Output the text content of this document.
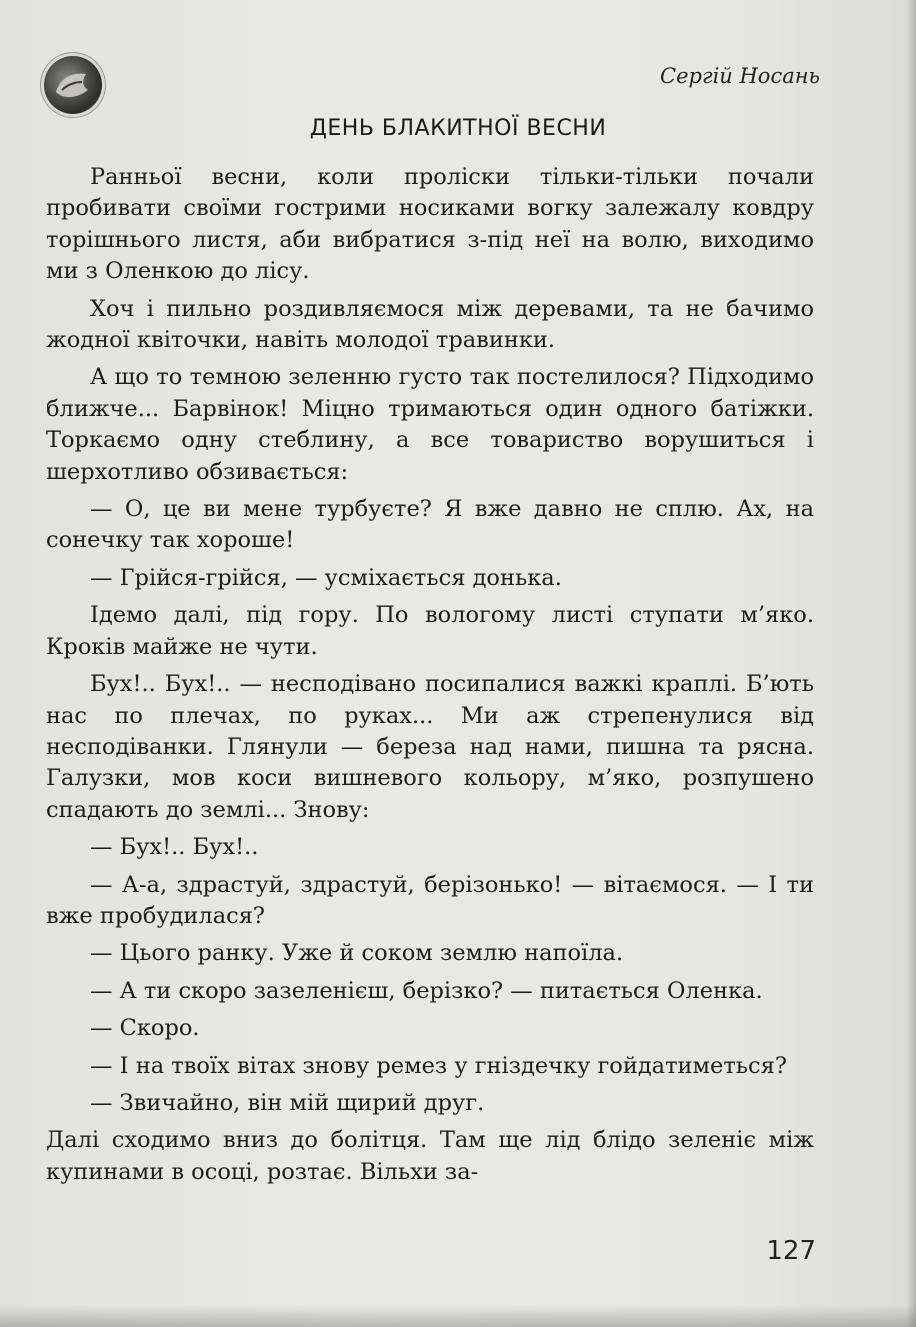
Сергій Носань
ДЕНЬ БЛАКИТНОЇ ВЕСНИ

Ранньої весни, коли проліски тільки-тільки почали пробивати своїми гострими носиками вогку залежалу ковдру торішнього листя, аби вибратися з-під неї на волю, виходимо ми з Оленкою до лісу.

Хоч і пильно роздивляємося між деревами, та не бачимо жодної квіточки, навіть молодої травинки.

А що то темною зеленню густо так постелилося? Підходимо ближче... Барвінок! Міцно тримаються один одного батіжки. Торкаємо одну стеблину, а все товариство ворушиться і шерхотливо обзивається:

— О, це ви мене турбуєте? Я вже давно не сплю. Ах, на сонечку так хороше!

— Грійся-грійся, — усміхається донька.

Ідемо далі, під гору. По вологому листі ступати м’яко. Кроків майже не чути.

Бух!.. Бух!.. — несподівано посипалися важкі краплі. Б’ють нас по плечах, по руках... Ми аж стрепенулися від несподіванки. Глянули — береза над нами, пишна та рясна. Галузки, мов коси вишневого кольору, м’яко, розпушено спадають до землі... Знову:

— Бух!.. Бух!..

— А-а, здрастуй, здрастуй, берізонько! — вітаємося. — І ти вже пробудилася?

— Цього ранку. Уже й соком землю напоїла.

— А ти скоро зазеленієш, берізко? — питається Оленка.

— Скоро.

— І на твоїх вітах знову ремез у гніздечку гойдатиметься?

— Звичайно, він мій щирий друг.

Далі сходимо вниз до болітця. Там ще лід блідо зеленіє між купинами в осоці, розтає. Вільхи за-

127
